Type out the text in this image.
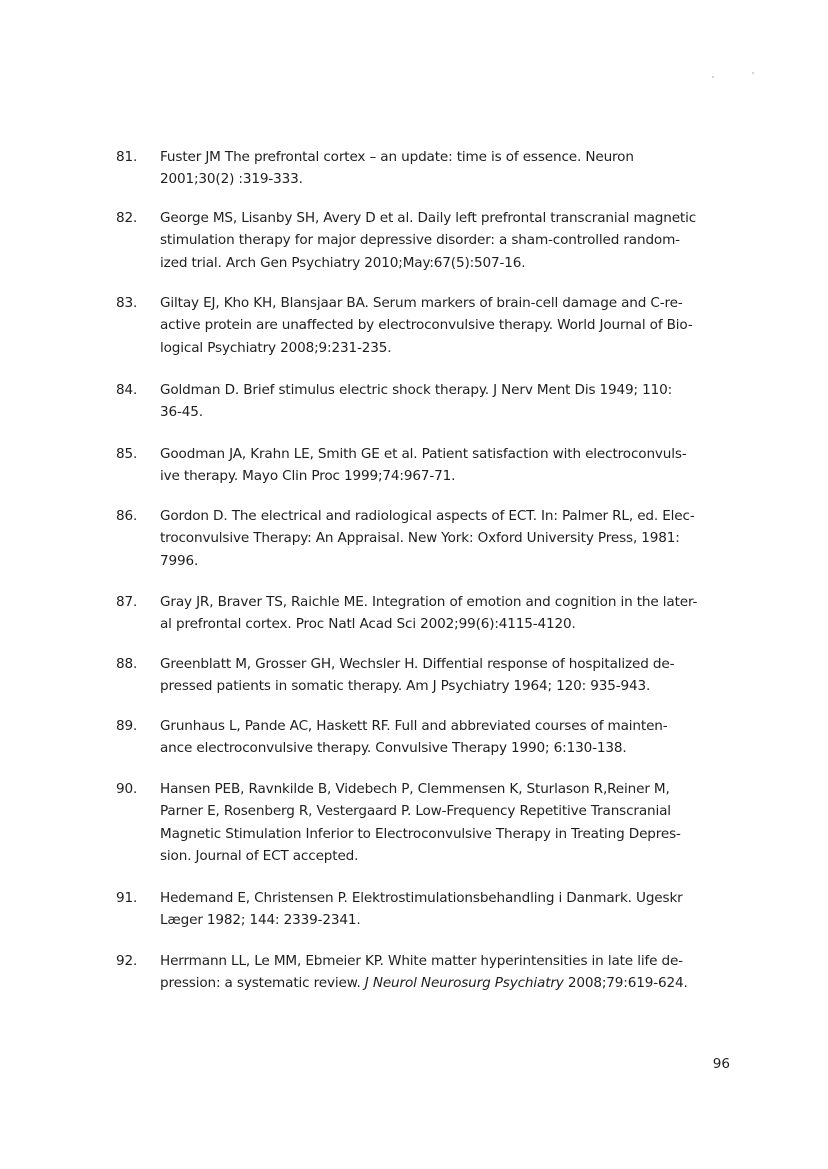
81.	Fuster JM The prefrontal cortex – an update: time is of essence. Neuron
2001;30(2) :319-333.
82.	George MS, Lisanby SH, Avery D et al. Daily left prefrontal transcranial magnetic
stimulation therapy for major depressive disorder: a sham-controlled random-
ized trial. Arch Gen Psychiatry 2010;May:67(5):507-16.
83.	Giltay EJ, Kho KH, Blansjaar BA. Serum markers of brain-cell damage and C-re-
active protein are unaffected by electroconvulsive therapy. World Journal of Bio-
logical Psychiatry 2008;9:231-235.
84.	Goldman D. Brief stimulus electric shock therapy. J Nerv Ment Dis 1949; 110:
36-45.
85.	Goodman JA, Krahn LE, Smith GE et al. Patient satisfaction with electroconvuls-
ive therapy. Mayo Clin Proc 1999;74:967-71.
86.	Gordon D. The electrical and radiological aspects of ECT. In: Palmer RL, ed. Elec-
troconvulsive Therapy: An Appraisal. New York: Oxford University Press, 1981:
7996.
87.	Gray JR, Braver TS, Raichle ME. Integration of emotion and cognition in the later-
al prefrontal cortex. Proc Natl Acad Sci 2002;99(6):4115-4120.
88.	Greenblatt M, Grosser GH, Wechsler H. Diffential response of hospitalized de-
pressed patients in somatic therapy. Am J Psychiatry 1964; 120: 935-943.
89.	Grunhaus L, Pande AC, Haskett RF. Full and abbreviated courses of mainten-
ance electroconvulsive therapy. Convulsive Therapy 1990; 6:130-138.
90.	Hansen PEB, Ravnkilde B, Videbech P, Clemmensen K, Sturlason R,Reiner M,
Parner E, Rosenberg R, Vestergaard P. Low-Frequency Repetitive Transcranial
Magnetic Stimulation Inferior to Electroconvulsive Therapy in Treating Depres-
sion. Journal of ECT accepted.
91.	Hedemand E, Christensen P. Elektrostimulationsbehandling i Danmark. Ugeskr
Læger 1982; 144: 2339-2341.
92.	Herrmann LL, Le MM, Ebmeier KP. White matter hyperintensities in late life de-
pression: a systematic review. J Neurol Neurosurg Psychiatry 2008;79:619-624.
96
